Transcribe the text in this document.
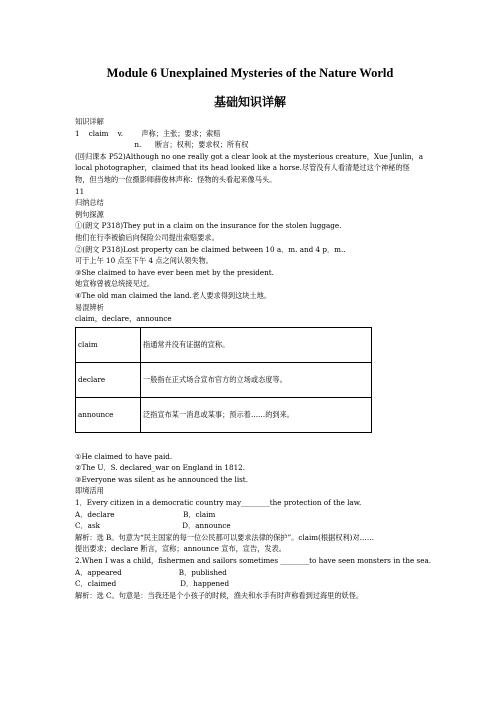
Module 6 Unexplained Mysteries of the Nature World
基础知识详解
知识详解
1    claim    v.        声称；主张；要求；索赔
n.      断言；权利；要求权；所有权
(回归课本 P52)Although no one really got a clear look at the mysterious creature，Xue Junlin，a
local photographer，claimed that its head looked like a horse.尽管没有人看清楚过这个神秘的怪
物，但当地的一位摄影师薛俊林声称：怪物的头看起来像马头。
11
归纳总结
例句探源
①(朗文 P318)They put in a claim on the insurance for the stolen luggage.
他们在行李被偷后向保险公司提出索赔要求。
②(朗文 P318)Lost property can be claimed between 10 a．m. and 4 p．m..
可于上午 10 点至下午 4 点之间认领失物。
③She claimed to have ever been met by the president.
她宣称曾被总统接见过。
④The old man claimed the land.老人要求得到这块土地。
易混辨析
claim，declare，announce
claim	指通常并没有证据的宣称。
declare	一般指在正式场合宣布官方的立场或态度等。
announce	泛指宣布某一消息或某事；预示着……的到来。
①He claimed to have paid.
②The U．S. declared_war on England in 1812.
③Everyone was silent as he announced the list.
即境活用
1．Every citizen in a democratic country may________the protection of the law.
A．declare                              B．claim
C．ask                                    D．announce
解析：选 B。句意为“民主国家的每一位公民都可以要求法律的保护”。claim(根据权利)对……
提出要求；declare 断言，宣称；announce 宣布，宣告，发表。
2.When I was a child，fishermen and sailors sometimes ________to have seen monsters in the sea.
A．appeared                         B．published
C．claimed                            D．happened
解析：选 C。句意是：当我还是个小孩子的时候，渔夫和水手有时声称看到过海里的妖怪。
